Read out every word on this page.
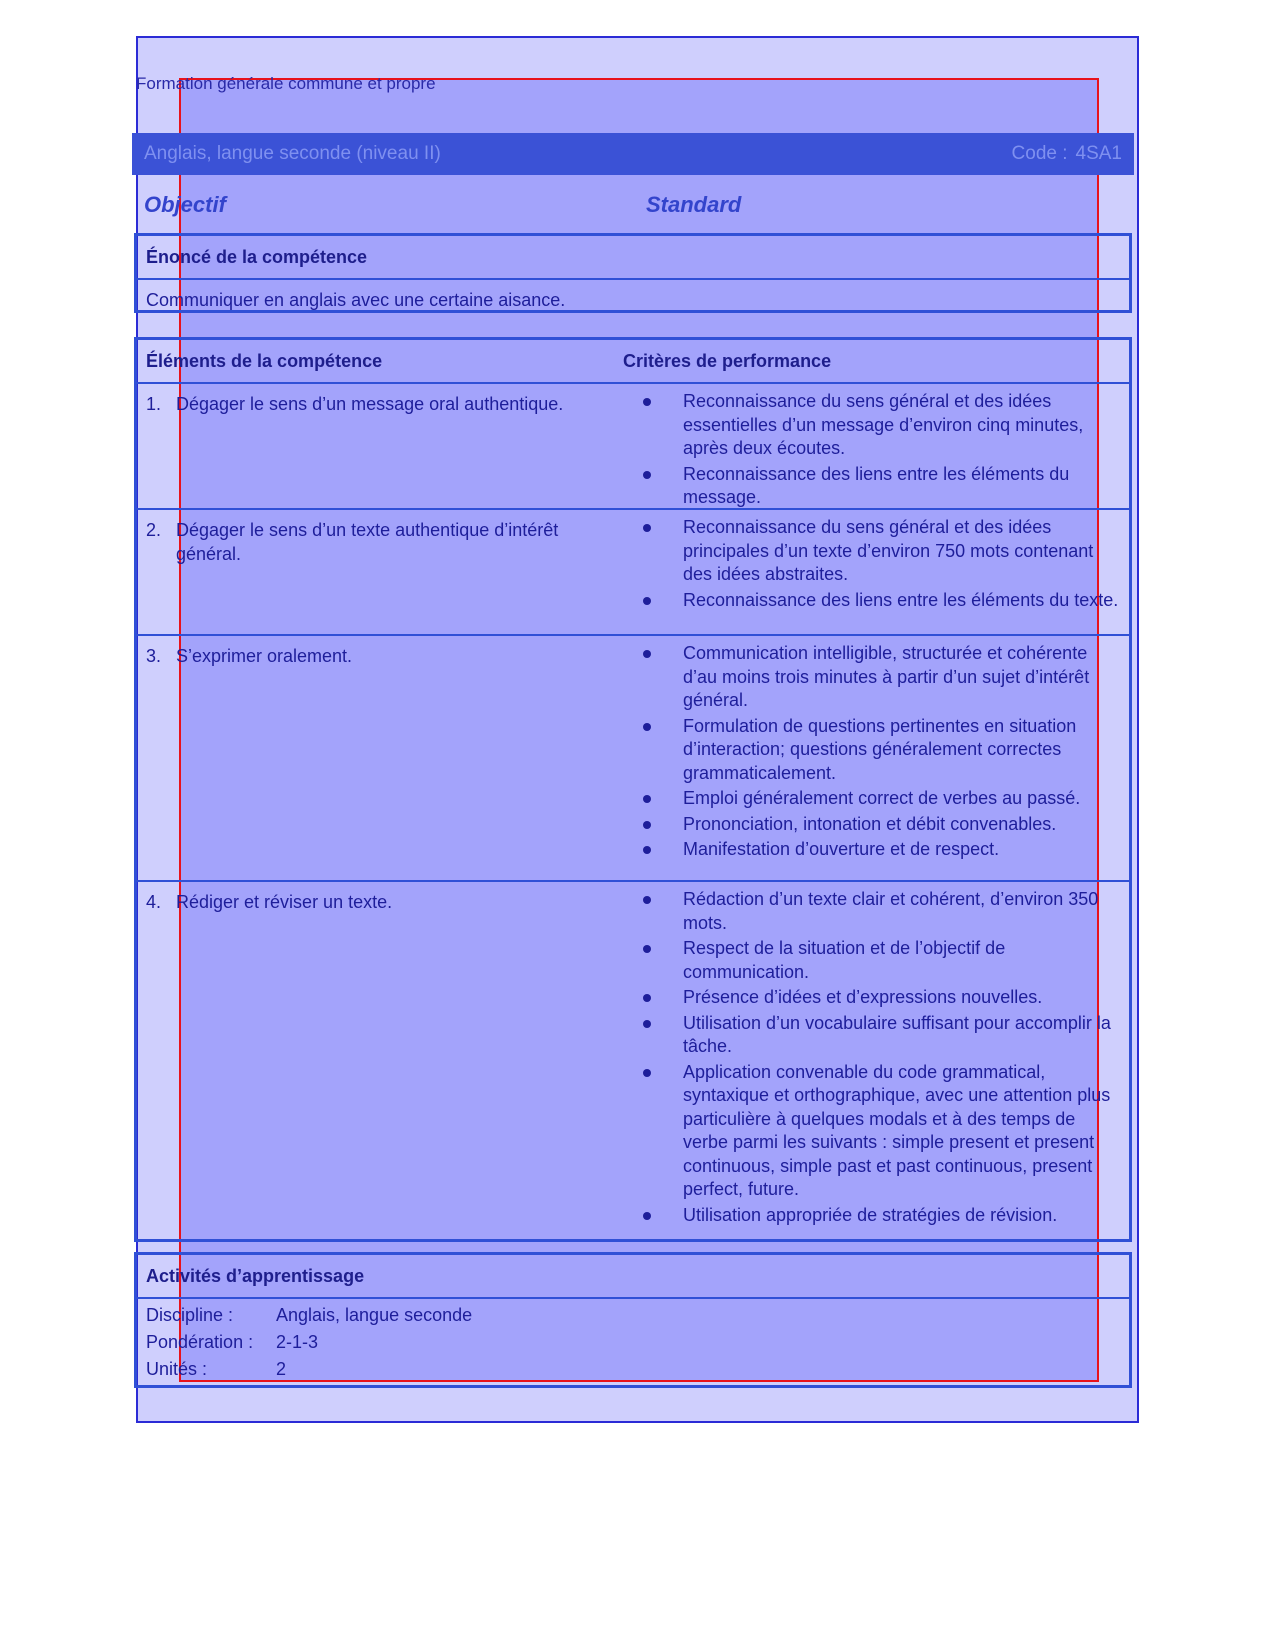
Formation générale commune et propre
Anglais, langue seconde (niveau II)	Code : 4SA1
Objectif	Standard
Énoncé de la compétence
Communiquer en anglais avec une certaine aisance.
Éléments de la compétence	Critères de performance
1. Dégager le sens d’un message oral authentique.	Reconnaissance du sens général et des idées essentielles d’un message d’environ cinq minutes, après deux écoutes.
Reconnaissance des liens entre les éléments du message.
2. Dégager le sens d’un texte authentique d’intérêt général.
Reconnaissance du sens général et des idées principales d’un texte d’environ 750 mots contenant des idées abstraites.
Reconnaissance des liens entre les éléments du texte.
3. S’exprimer oralement.	Communication intelligible, structurée et cohérente d’au moins trois minutes à partir d’un sujet d’intérêt général.
Formulation de questions pertinentes en situation d’interaction; questions généralement correctes grammaticalement.
Emploi généralement correct de verbes au passé.
Prononciation, intonation et débit convenables.
Manifestation d’ouverture et de respect.
4. Rédiger et réviser un texte.	Rédaction d’un texte clair et cohérent, d’environ 350 mots.
Respect de la situation et de l’objectif de communication.
Présence d’idées et d’expressions nouvelles.
Utilisation d’un vocabulaire suffisant pour accomplir la tâche.
Application convenable du code grammatical, syntaxique et orthographique, avec une attention plus particulière à quelques modals et à des temps de verbe parmi les suivants : simple present et present continuous, simple past et past continuous, present perfect, future.
Utilisation appropriée de stratégies de révision.
Activités d’apprentissage
Discipline :	Anglais, langue seconde
Pondération :	2-1-3
Unités :	2
